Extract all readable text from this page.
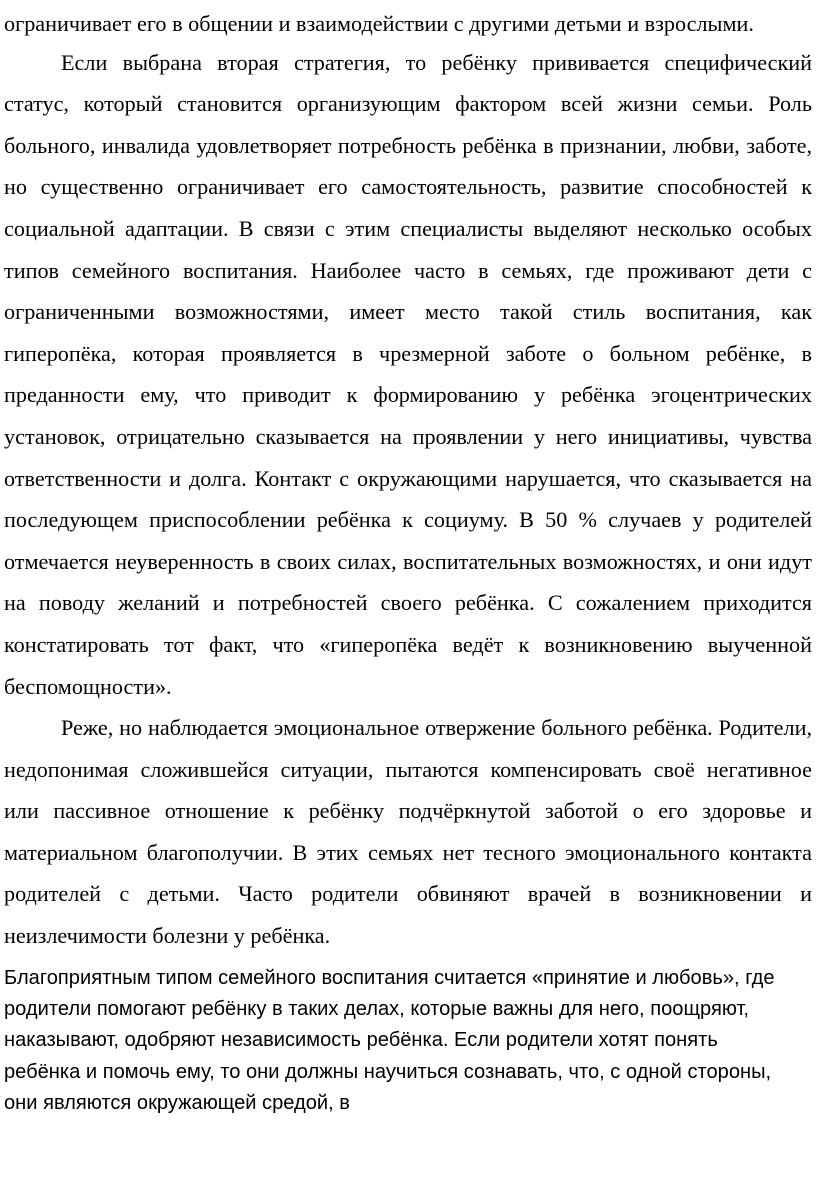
ограничивает его в общении и взаимодействии с другими детьми и взрослыми.

Если выбрана вторая стратегия, то ребёнку прививается специфический статус, который становится организующим фактором всей жизни семьи. Роль больного, инвалида удовлетворяет потребность ребёнка в признании, любви, заботе, но существенно ограничивает его самостоятельность, развитие способностей к социальной адаптации. В связи с этим специалисты выделяют несколько особых типов семейного воспитания. Наиболее часто в семьях, где проживают дети с ограниченными возможностями, имеет место такой стиль воспитания, как гиперопёка, которая проявляется в чрезмерной заботе о больном ребёнке, в преданности ему, что приводит к формированию у ребёнка эгоцентрических установок, отрицательно сказывается на проявлении у него инициативы, чувства ответственности и долга. Контакт с окружающими нарушается, что сказывается на последующем приспособлении ребёнка к социуму. В 50 % случаев у родителей отмечается неуверенность в своих силах, воспитательных возможностях, и они идут на поводу желаний и потребностей своего ребёнка. С сожалением приходится констатировать тот факт, что «гиперопёка ведёт к возникновению выученной беспомощности».

Реже, но наблюдается эмоциональное отвержение больного ребёнка. Родители, недопонимая сложившейся ситуации, пытаются компенсировать своё негативное или пассивное отношение к ребёнку подчёркнутой заботой о его здоровье и материальном благополучии. В этих семьях нет тесного эмоционального контакта родителей с детьми. Часто родители обвиняют врачей в возникновении и неизлечимости болезни у ребёнка.

Благоприятным типом семейного воспитания считается «принятие и любовь», где родители помогают ребёнку в таких делах, которые важны для него, поощряют, наказывают, одобряют независимость ребёнка. Если родители хотят понять ребёнка и помочь ему, то они должны научиться сознавать, что, с одной стороны, они являются окружающей средой, в
